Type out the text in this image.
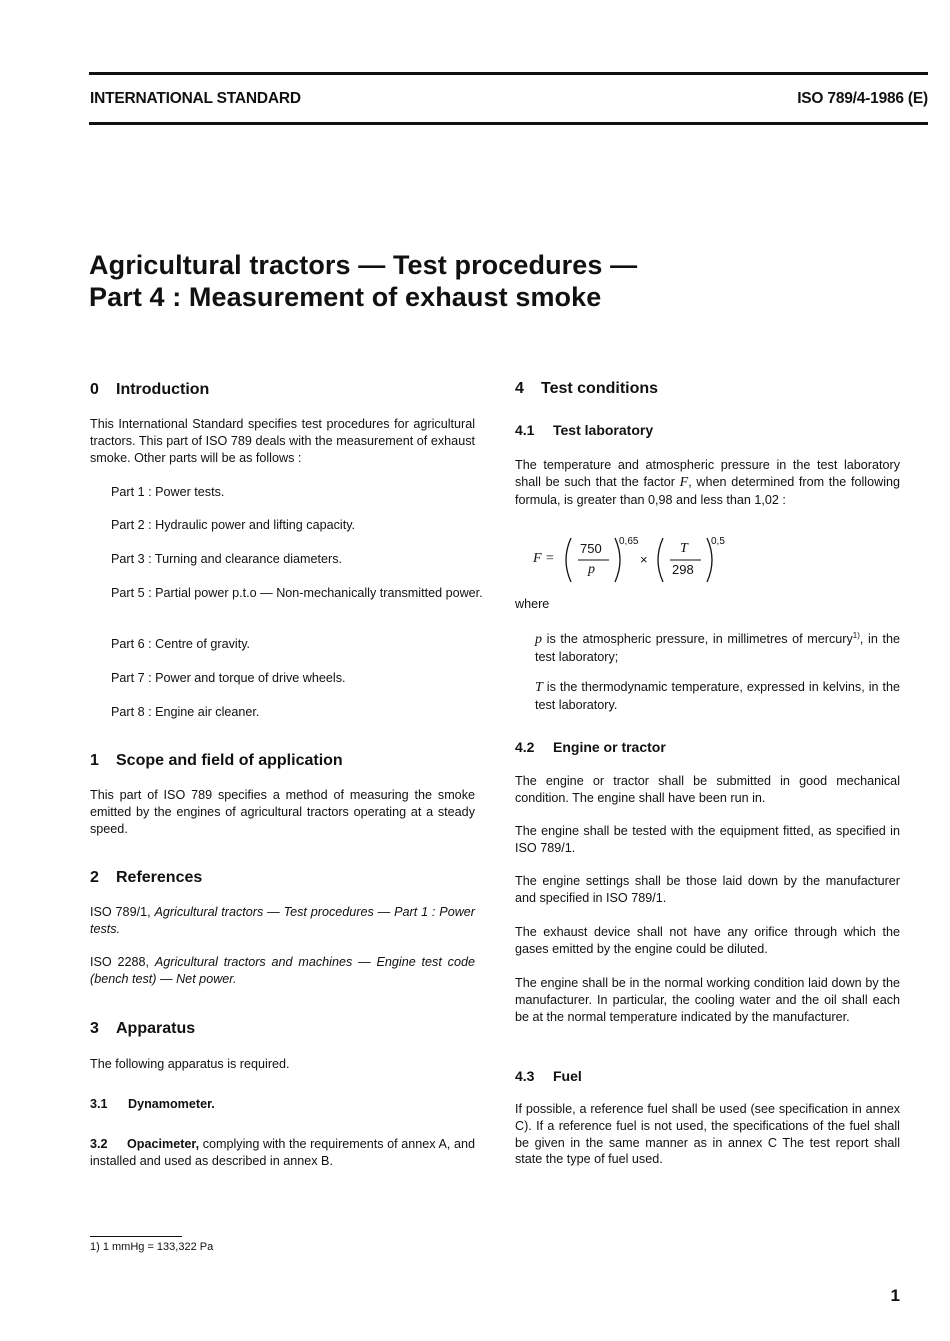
INTERNATIONAL STANDARD	ISO 789/4-1986 (E)
Agricultural tractors — Test procedures —
Part 4 : Measurement of exhaust smoke
0 Introduction
This International Standard specifies test procedures for agricultural tractors. This part of ISO 789 deals with the measurement of exhaust smoke. Other parts will be as follows :
Part 1 : Power tests.
Part 2 : Hydraulic power and lifting capacity.
Part 3 : Turning and clearance diameters.
Part 5 : Partial power p.t.o — Non-mechanically transmitted power.
Part 6 : Centre of gravity.
Part 7 : Power and torque of drive wheels.
Part 8 : Engine air cleaner.
1 Scope and field of application
This part of ISO 789 specifies a method of measuring the smoke emitted by the engines of agricultural tractors operating at a steady speed.
2 References
ISO 789/1, Agricultural tractors — Test procedures — Part 1 : Power tests.
ISO 2288, Agricultural tractors and machines — Engine test code (bench test) — Net power.
3 Apparatus
The following apparatus is required.
3.1 Dynamometer.
3.2 Opacimeter, complying with the requirements of annex A, and installed and used as described in annex B.
4 Test conditions
4.1 Test laboratory
The temperature and atmospheric pressure in the test laboratory shall be such that the factor F, when determined from the following formula, is greater than 0,98 and less than 1,02 :
F =
750
p
0,65
×
T
298
0,5
where
p is the atmospheric pressure, in millimetres of mercury$^{1)}$, in the test laboratory;
T is the thermodynamic temperature, expressed in kelvins, in the test laboratory.
4.2 Engine or tractor
The engine or tractor shall be submitted in good mechanical condition. The engine shall have been run in.
The engine shall be tested with the equipment fitted, as specified in ISO 789/1.
The engine settings shall be those laid down by the manufacturer and specified in ISO 789/1.
The exhaust device shall not have any orifice through which the gases emitted by the engine could be diluted.
The engine shall be in the normal working condition laid down by the manufacturer. In particular, the cooling water and the oil shall each be at the normal temperature indicated by the manufacturer.
4.3 Fuel
If possible, a reference fuel shall be used (see specification in annex C). If a reference fuel is not used, the specifications of the fuel shall be given in the same manner as in annex C The test report shall state the type of fuel used.
1) 1 mmHg = 133,322 Pa
1
